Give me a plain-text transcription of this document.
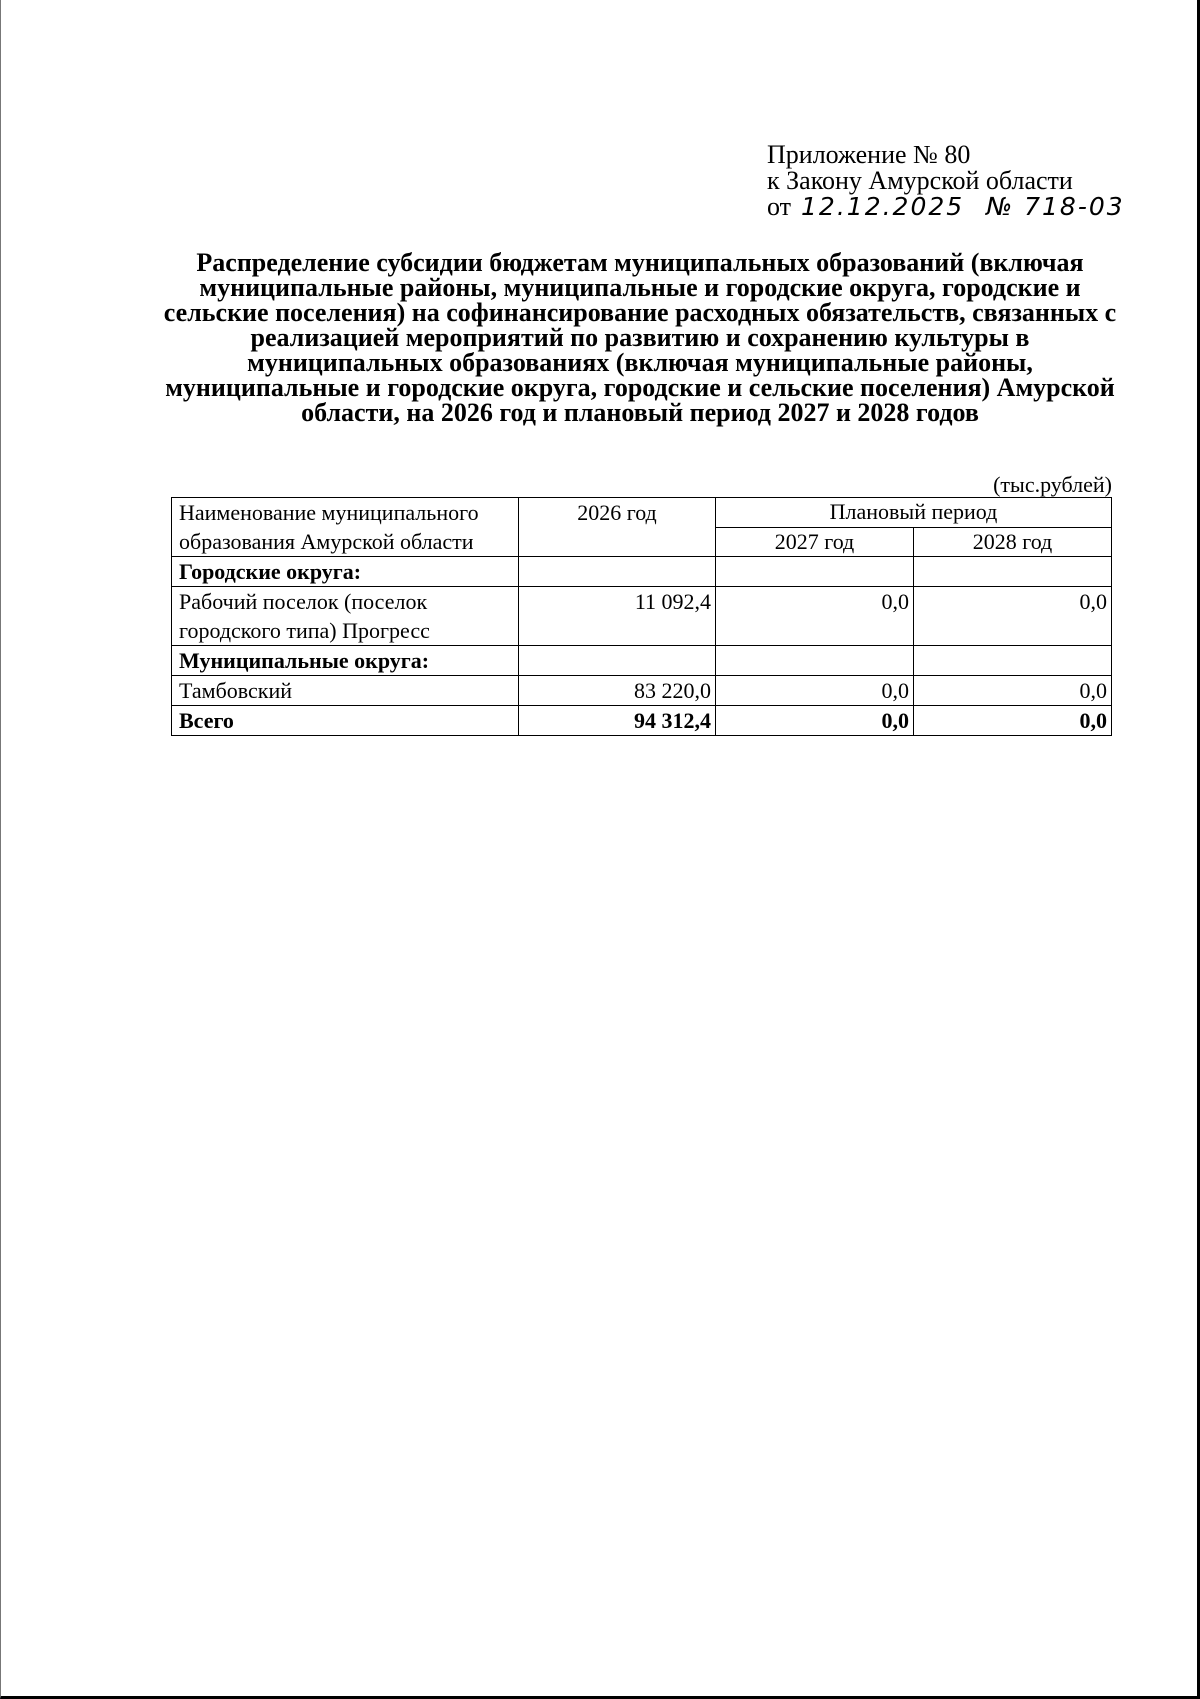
Приложение № 80
к Закону Амурской области
от 12.12.2025 № 718-03
Распределение субсидии бюджетам муниципальных образований (включая муниципальные районы, муниципальные и городские округа, городские и сельские поселения) на софинансирование расходных обязательств, связанных с реализацией мероприятий по развитию и сохранению культуры в муниципальных образованиях (включая муниципальные районы, муниципальные и городские округа, городские и сельские поселения) Амурской области, на 2026 год и плановый период 2027 и 2028 годов
(тыс.рублей)
Наименование муниципального
образования Амурской области	2026 год	Плановый период	
		2027 год	2028 год
Городские округа:			

Рабочий поселок (поселок
городского типа) Прогресс	11 092,4	0,0	0,0
Муниципальные округа:			
Тамбовский	83 220,0	0,0	0,0
Всего	94 312,4	0,0	0,0
